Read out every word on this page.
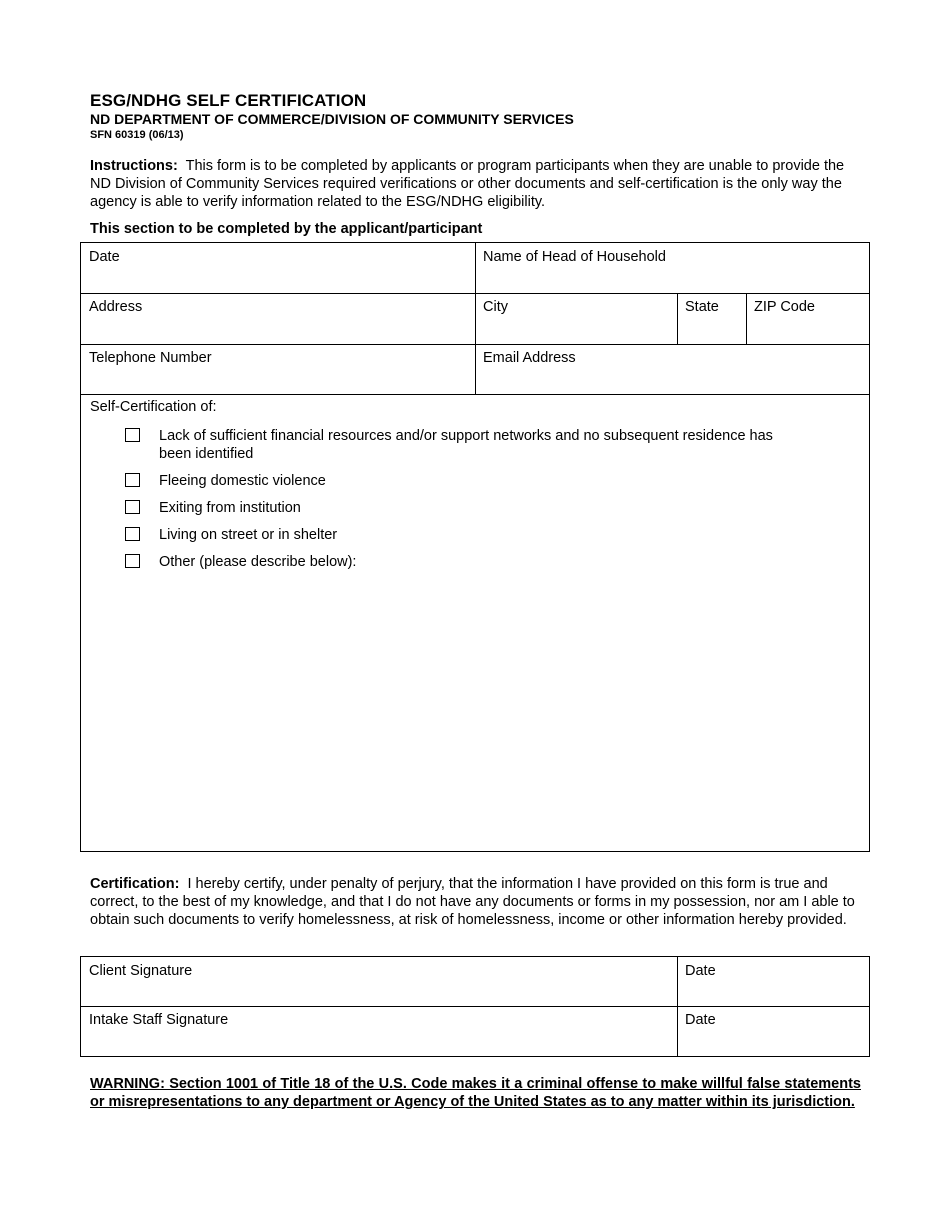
ESG/NDHG SELF CERTIFICATION
ND DEPARTMENT OF COMMERCE/DIVISION OF COMMUNITY SERVICES
SFN 60319 (06/13)
Instructions: This form is to be completed by applicants or program participants when they are unable to provide the ND Division of Community Services required verifications or other documents and self-certification is the only way the agency is able to verify information related to the ESG/NDHG eligibility.
This section to be completed by the applicant/participant
Date	Name of Head of Household
Address	City	State	ZIP Code
Telephone Number	Email Address
Self-Certification of:
Lack of sufficient financial resources and/or support networks and no subsequent residence has been identified
Fleeing domestic violence
Exiting from institution
Living on street or in shelter
Other (please describe below):
Certification: I hereby certify, under penalty of perjury, that the information I have provided on this form is true and correct, to the best of my knowledge, and that I do not have any documents or forms in my possession, nor am I able to obtain such documents to verify homelessness, at risk of homelessness, income or other information hereby provided.
Client Signature	Date
Intake Staff Signature	Date
WARNING: Section 1001 of Title 18 of the U.S. Code makes it a criminal offense to make willful false statements or misrepresentations to any department or Agency of the United States as to any matter within its jurisdiction.
